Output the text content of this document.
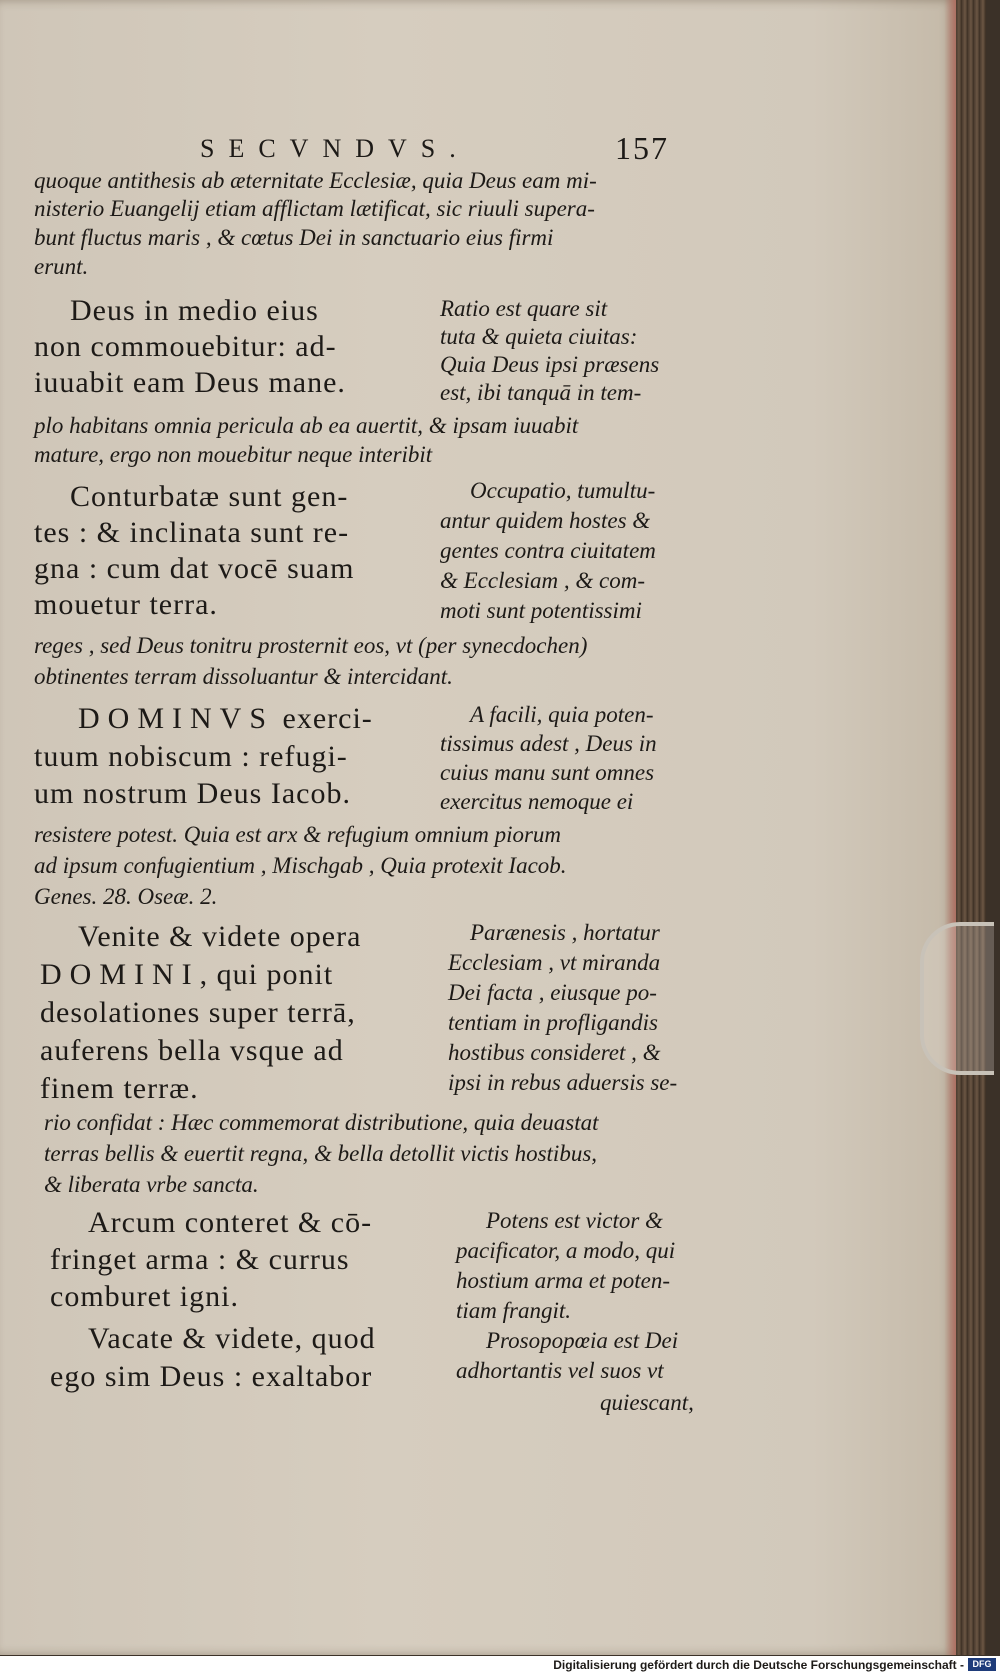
SECVNDVS.	157
quoque antithesis ab æternitate Ecclesiæ, quia Deus eam mi-
nisterio Euangelij etiam afflictam lætificat, sic riuuli supera-
bunt fluctus maris , & cœtus Dei in sanctuario eius firmi
erunt.
Deus in medio eius
non commouebitur: ad-
iuuabit eam Deus mane.
Ratio est quare sit
tuta & quieta ciuitas:
Quia Deus ipsi præsens
est, ibi tanquā in tem-
plo habitans omnia pericula ab ea auertit, & ipsam iuuabit
mature, ergo non mouebitur neque interibit
Conturbatæ sunt gen-
tes : & inclinata sunt re-
gna : cum dat vocē suam
mouetur terra.
Occupatio, tumultu-
antur quidem hostes &
gentes contra ciuitatem
& Ecclesiam , & com-
moti sunt potentissimi
reges , sed Deus tonitru prosternit eos, vt (per synecdochen)
obtinentes terram dissoluantur & intercidant.
DOMINVS exerci-
tuum nobiscum : refugi-
um nostrum Deus Iacob.
A facili, quia poten-
tissimus adest , Deus in
cuius manu sunt omnes
exercitus nemoque ei
resistere potest. Quia est arx & refugium omnium piorum
ad ipsum confugientium , Mischgab , Quia protexit Iacob.
Genes. 28. Oseæ. 2.
Venite & videte opera
DOMINI, qui ponit
desolationes super terrā,
auferens bella vsque ad
finem terræ.
Parænesis , hortatur
Ecclesiam , vt miranda
Dei facta , eiusque po-
tentiam in profligandis
hostibus consideret , &
ipsi in rebus aduersis se-
rio confidat : Hæc commemorat distributione, quia deuastat
terras bellis & euertit regna, & bella detollit victis hostibus,
& liberata vrbe sancta.
Arcum conteret & cō-
fringet arma : & currus
comburet igni.
Potens est victor &
pacificator, a modo, qui
hostium arma et poten-
tiam frangit.
Vacate & videte, quod
ego sim Deus : exaltabor
Prosopopœia est Dei
adhortantis vel suos vt
quiescant,
Digitalisierung gefördert durch die Deutsche Forschungsgemeinschaft - DFG
